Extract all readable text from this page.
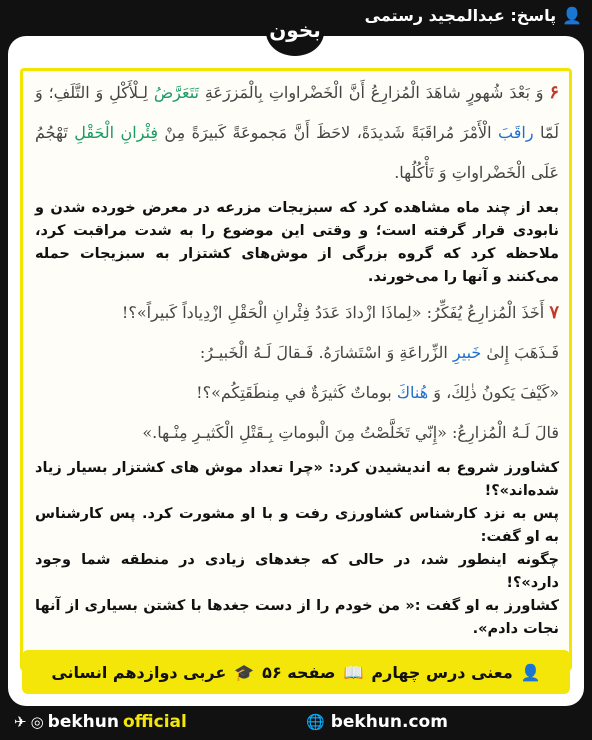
👤
پاسخ: عبدالمجید رستمی
بخون

۶ وَ بَعْدَ شُهورٍ شاهَدَ الْمُزارِعُ أَنَّ الْخَضْراواتِ بِالْمَزرَعَةِ تَتَعَرَّضُ لِـلْأَكْلِ وَ التَّلَفِ؛ وَ لَمّا راقَبَ الْأَمْرَ مُراقَبَةً شَديدَةً، لاحَظَ أَنَّ مَجموعَةً كَبيرَةً مِنْ فِئْرانِ الْحَقْلِ تَهْجُمُ عَلَى الْخَضْراواتِ وَ تَأْكُلُها.

بعد از چند ماه مشاهده کرد که سبزیجات مزرعه در معرض خورده شدن و نابودی قرار گرفته است؛ و وقتی این موضوع را به شدت مراقبت کرد، ملاحظه کرد که گروه بزرگی از موش‌های کشتزار به سبزیجات حمله می‌کنند و آنها را می‌خورند.

۷ أَخَذَ الْمُزارِعُ يُفَكِّرُ: «لِماذَا ازْدادَ عَدَدُ فِئْرانِ الْحَقْلِ ازْدِياداً كَبيراً»؟!

فَـذَهَبَ إِلىٰ خَبيرِ الزِّراعَةِ وَ اسْتَشارَهُ. فَـقالَ لَـهُ الْخَبيـرُ:

«كَيْفَ يَكونُ ذٰلِكَ، وَ هُناكَ بوماتٌ كَثيرَةٌ في مِنطَقَتِكُم»؟!

قالَ لَـهُ الْمُزارِعُ: «إِنّي تَخَلَّصْتُ مِنَ الْبوماتِ بِـقَتْلِ الْكَثيـرِ مِنْـها.»

کشاورز شروع به اندیشیدن کرد: «چرا تعداد موش های کشتزار بسیار زیاد شده‌اند»؟!
پس به نزد کارشناس کشاورزی رفت و با او مشورت کرد. پس کارشناس به او گفت:
چگونه اینطور شد، در حالی که جغدهای زیادی در منطقه شما وجود دارد»؟!
کشاورز به او گفت :« من خودم را از دست جغدها با کشتن بسیاری از آنها نجات دادم».

👤
معنی درس چهارم
📖
صفحه ۵۶
🎓
عربی دوازدهم انسانی
✈ ◎ bekhun official	🌐 bekhun.com
